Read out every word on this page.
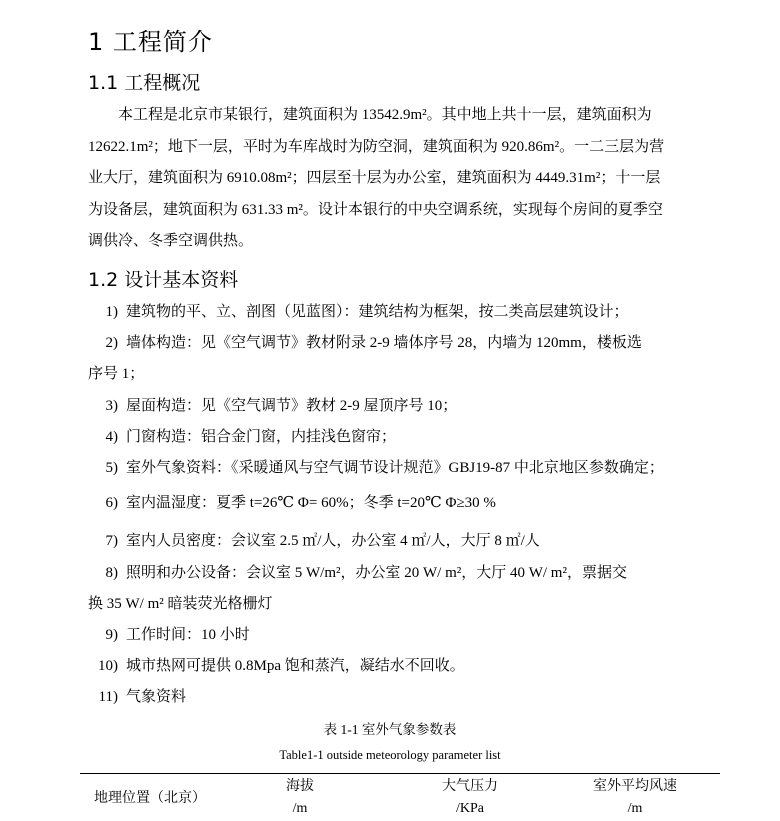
1 工程简介
1.1 工程概况
本工程是北京市某银行，建筑面积为 13542.9m²。其中地上共十一层，建筑面积为
12622.1m²；地下一层，平时为车库战时为防空洞，建筑面积为 920.86m²。一二三层为营
业大厅，建筑面积为 6910.08m²；四层至十层为办公室，建筑面积为 4449.31m²；十一层
为设备层，建筑面积为 631.33 m²。设计本银行的中央空调系统，实现每个房间的夏季空
调供冷、冬季空调供热。
1.2 设计基本资料
1) 建筑物的平、立、剖图（见蓝图）：建筑结构为框架，按二类高层建筑设计；
2) 墙体构造：见《空气调节》教材附录 2-9 墙体序号 28，内墙为 120mm，楼板选
序号 1；
3) 屋面构造：见《空气调节》教材 2-9 屋顶序号 10；
4) 门窗构造：铝合金门窗，内挂浅色窗帘；
5) 室外气象资料：《采暖通风与空气调节设计规范》GBJ19-87 中北京地区参数确定；
6) 室内温湿度：夏季 t=26℃ Φ= 60%；冬季 t=20℃ Φ≥30 %
7) 室内人员密度：会议室 2.5 ㎡/人，办公室 4 ㎡/人，大厅 8 ㎡/人
8) 照明和办公设备：会议室 5 W/m²，办公室 20 W/ m²，大厅 40 W/ m²，票据交
换 35 W/ m² 暗装荧光格栅灯
9) 工作时间：10 小时
10) 城市热网可提供 0.8Mpa 饱和蒸汽，凝结水不回收。
11) 气象资料
表 1-1 室外气象参数表
Table1-1 outside meteorology parameter list
地理位置（北京）
海拔
/m
大气压力
/KPa
室外平均风速
/m
